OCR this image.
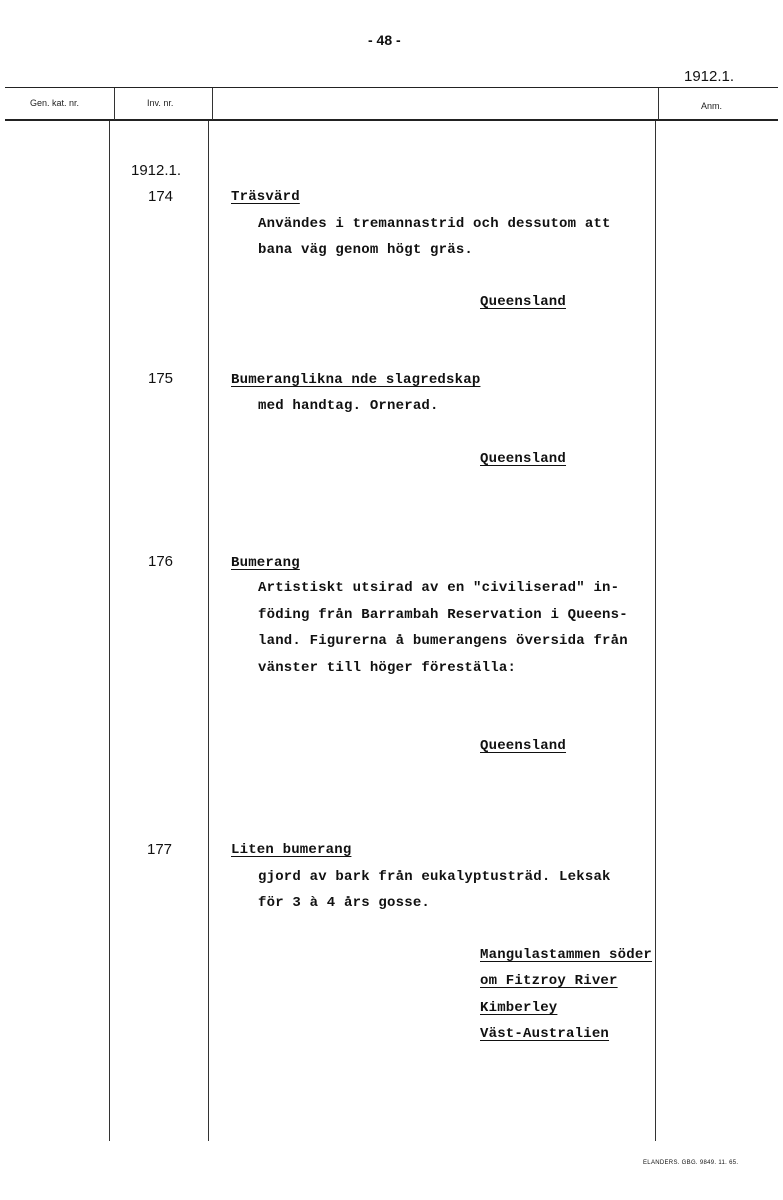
- 48 -
1912.1.
Gen. kat. nr.	Inv. nr.	Anm.
1912.1.
174	Träsvärd
Användes i tremannastrid och dessutom att
bana väg genom högt gräs.
Queensland
175	Bumeranglikna nde slagredskap
med handtag. Ornerad.
Queensland
176	Bumerang
Artistiskt utsirad av en "civiliserad" in-
föding från Barrambah Reservation i Queens-
land. Figurerna å bumerangens översida från
vänster till höger föreställa:
Queensland
177	Liten bumerang
gjord av bark från eukalyptusträd. Leksak
för 3 à 4 års gosse.
Mangulastammen söder
om Fitzroy River
Kimberley
Väst-Australien
ELANDERS. GBG. 9849. 11. 65.
